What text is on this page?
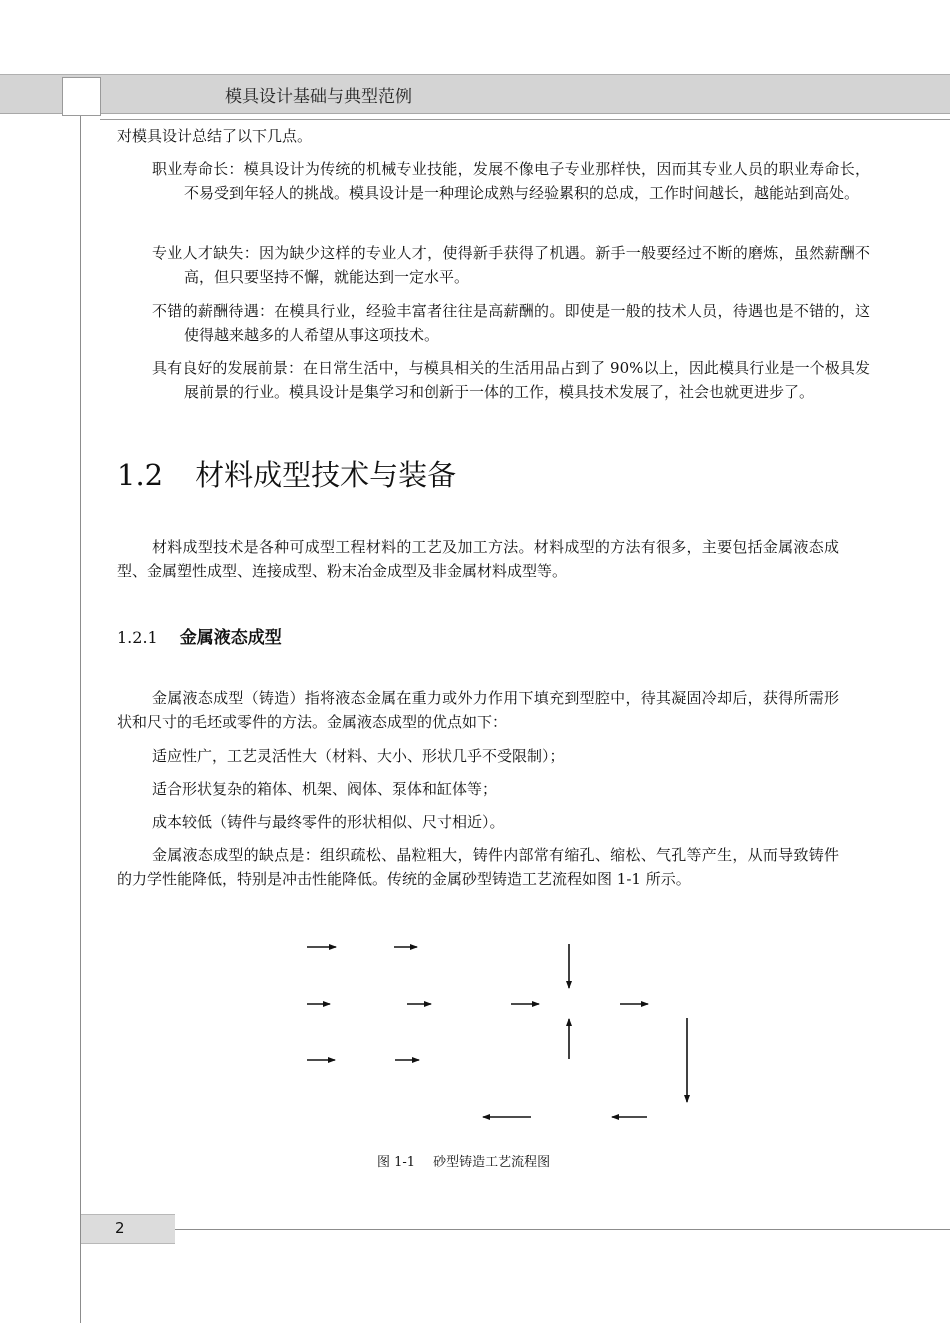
模具设计基础与典型范例
对模具设计总结了以下几点。
职业寿命长：模具设计为传统的机械专业技能，发展不像电子专业那样快，因而其专业人员的职业寿命长，不易受到年轻人的挑战。模具设计是一种理论成熟与经验累积的总成，工作时间越长，越能站到高处。
专业人才缺失：因为缺少这样的专业人才，使得新手获得了机遇。新手一般要经过不断的磨炼，虽然薪酬不高，但只要坚持不懈，就能达到一定水平。
不错的薪酬待遇：在模具行业，经验丰富者往往是高薪酬的。即使是一般的技术人员，待遇也是不错的，这使得越来越多的人希望从事这项技术。
具有良好的发展前景：在日常生活中，与模具相关的生活用品占到了 90%以上，因此模具行业是一个极具发展前景的行业。模具设计是集学习和创新于一体的工作，模具技术发展了，社会也就更进步了。
1.2 材料成型技术与装备
材料成型技术是各种可成型工程材料的工艺及加工方法。材料成型的方法有很多，主要包括金属液态成型、金属塑性成型、连接成型、粉末冶金成型及非金属材料成型等。
1.2.1 金属液态成型
金属液态成型（铸造）指将液态金属在重力或外力作用下填充到型腔中，待其凝固冷却后，获得所需形状和尺寸的毛坯或零件的方法。金属液态成型的优点如下：
适应性广，工艺灵活性大（材料、大小、形状几乎不受限制）；
适合形状复杂的箱体、机架、阀体、泵体和缸体等；
成本较低（铸件与最终零件的形状相似、尺寸相近）。
金属液态成型的缺点是：组织疏松、晶粒粗大，铸件内部常有缩孔、缩松、气孔等产生，从而导致铸件的力学性能降低，特别是冲击性能降低。传统的金属砂型铸造工艺流程如图 1-1 所示。
图 1-1 砂型铸造工艺流程图
2
